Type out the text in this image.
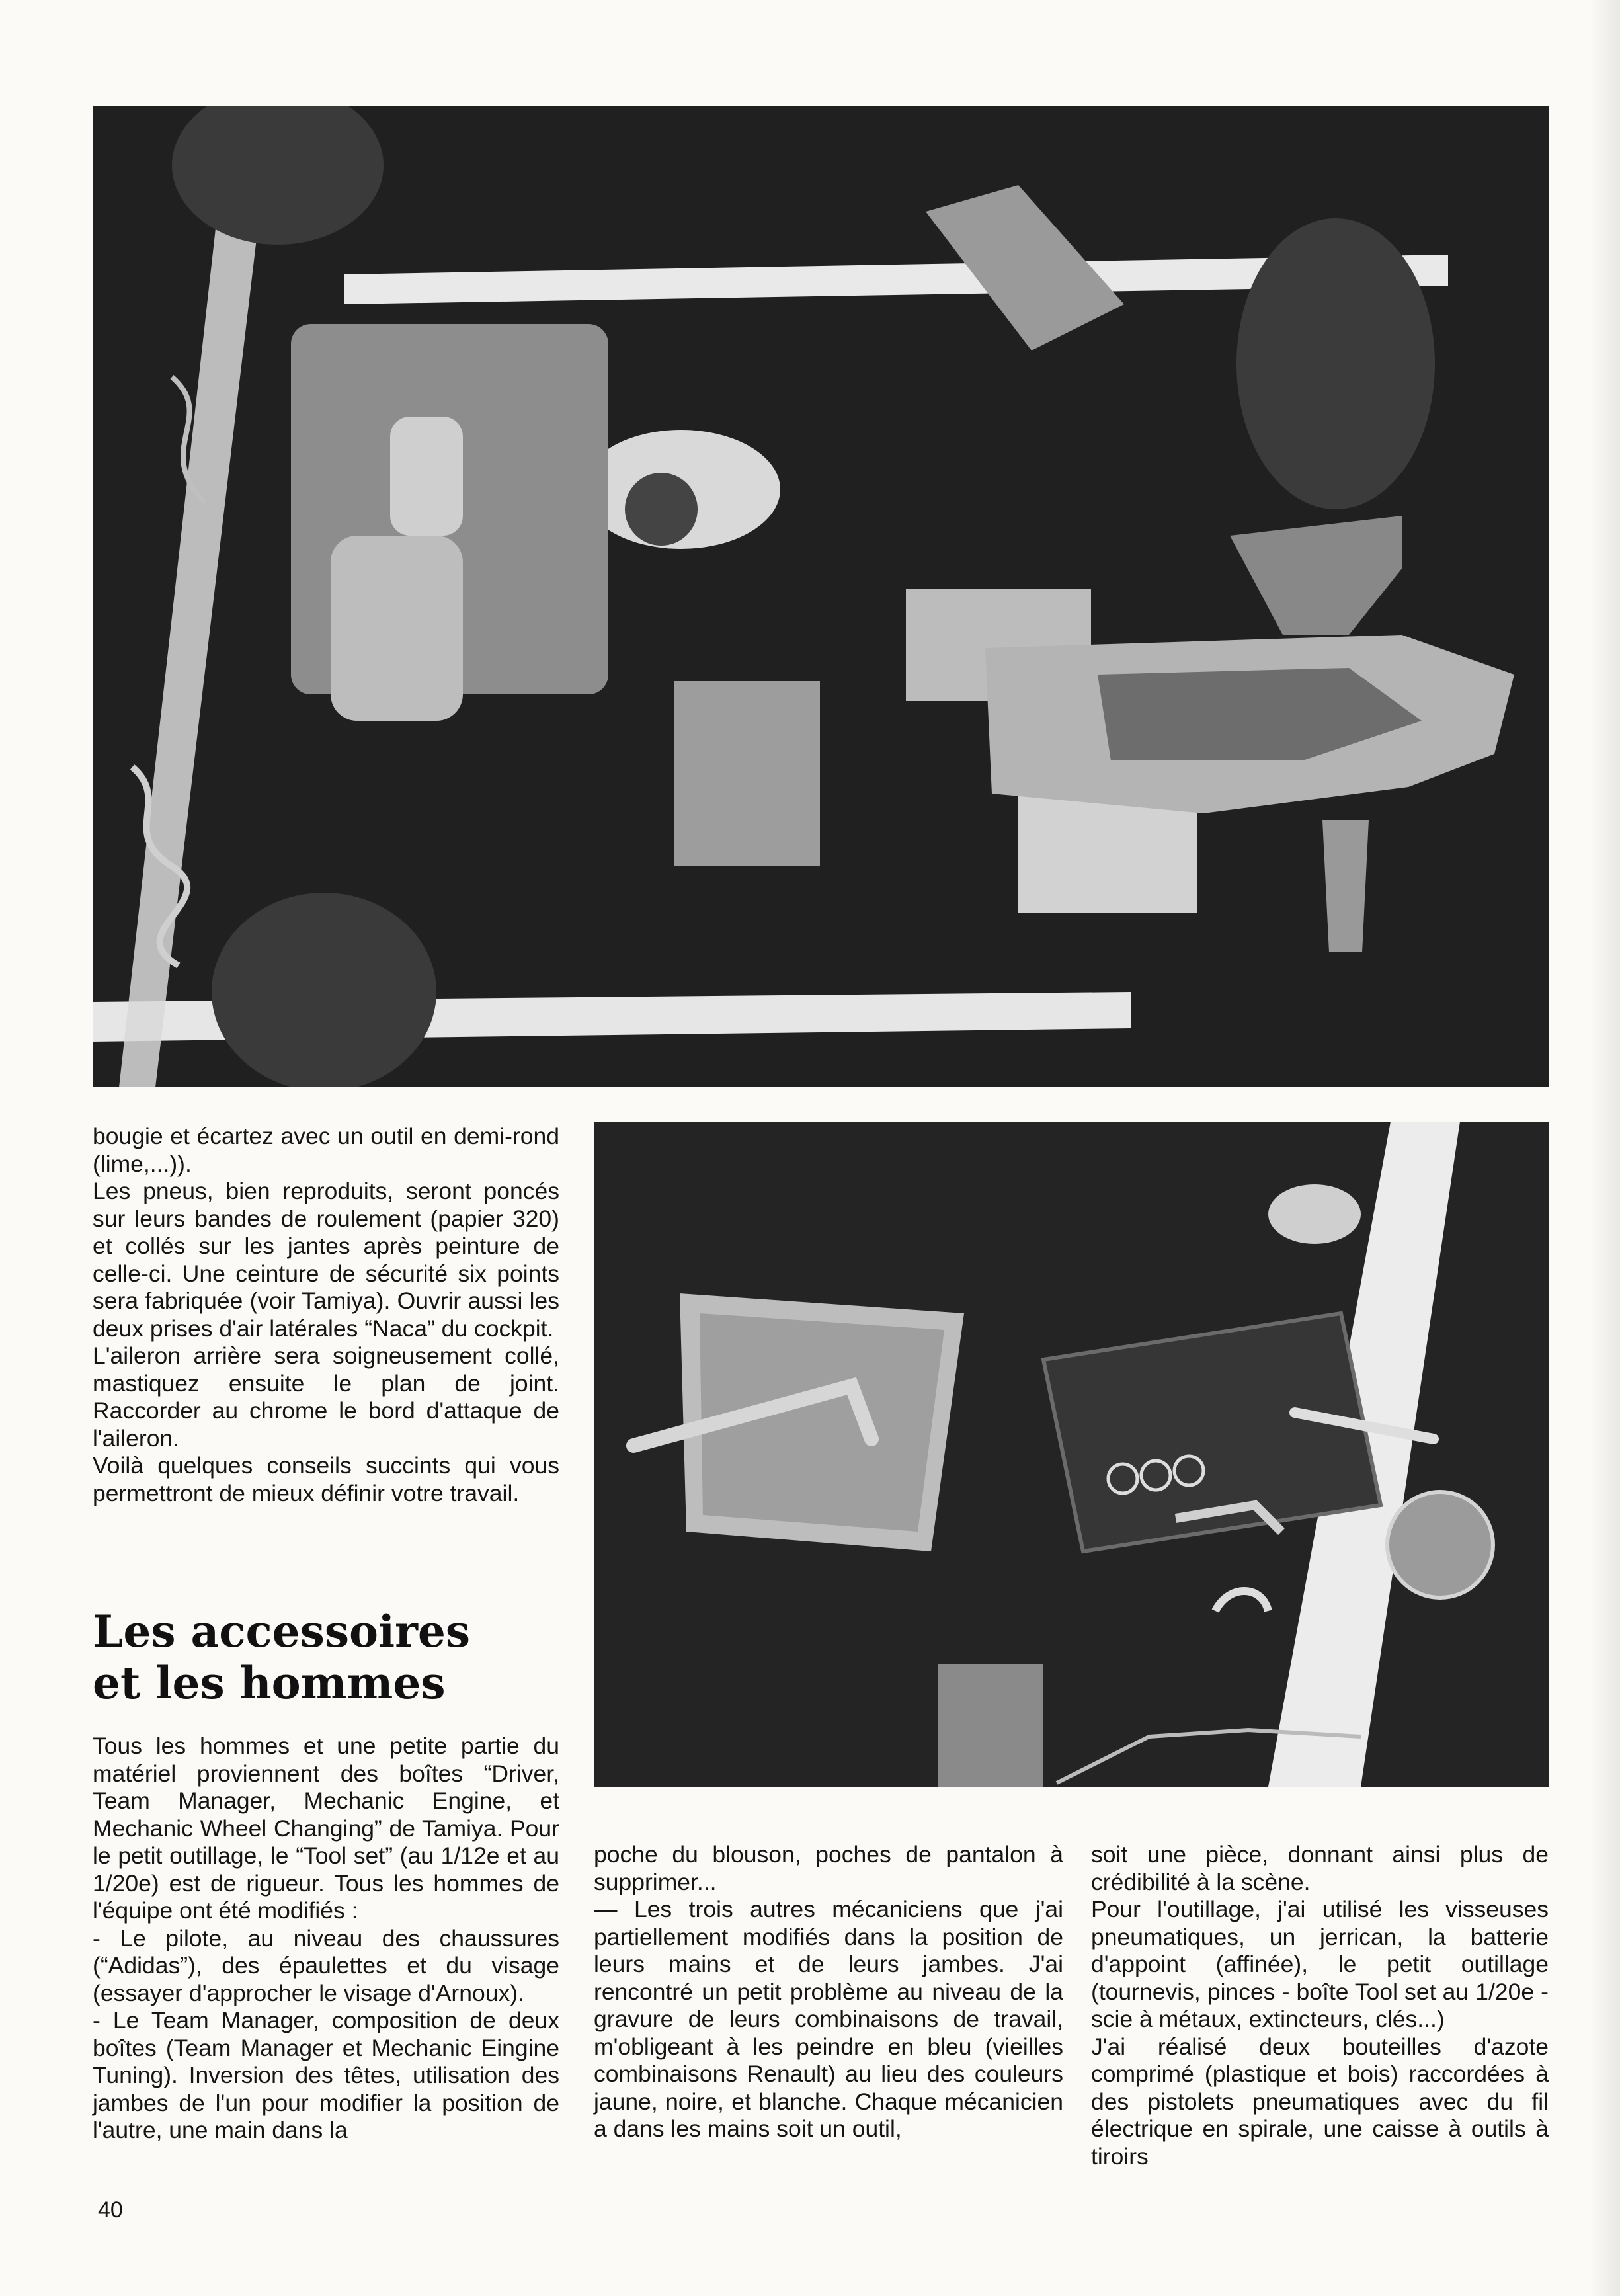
bougie et écartez avec un outil en demi-rond (lime,...)).

Les pneus, bien reproduits, seront poncés sur leurs bandes de roulement (papier 320) et collés sur les jantes après peinture de celle-ci. Une ceinture de sécurité six points sera fabriquée (voir Tamiya). Ouvrir aussi les deux prises d'air latérales “Naca” du cockpit.

L'aileron arrière sera soigneusement collé, mastiquez ensuite le plan de joint. Raccorder au chrome le bord d'attaque de l'aileron.

Voilà quelques conseils succints qui vous permettront de mieux définir votre travail.

Les accessoires
et les hommes

Tous les hommes et une petite partie du matériel proviennent des boîtes “Driver, Team Manager, Mechanic Engine, et Mechanic Wheel Changing” de Tamiya. Pour le petit outillage, le “Tool set” (au 1/12e et au 1/20e) est de rigueur. Tous les hommes de l'équipe ont été modifiés :

- Le pilote, au niveau des chaussures (“Adidas”), des épaulettes et du visage (essayer d'approcher le visage d'Arnoux).

- Le Team Manager, composition de deux boîtes (Team Manager et Mechanic Eingine Tuning). Inversion des têtes, utilisation des jambes de l'un pour modifier la position de l'autre, une main dans la

poche du blouson, poches de pantalon à supprimer...

— Les trois autres mécaniciens que j'ai partiellement modifiés dans la position de leurs mains et de leurs jambes. J'ai rencontré un petit problème au niveau de la gravure de leurs combinaisons de travail, m'obligeant à les peindre en bleu (vieilles combinaisons Renault) au lieu des couleurs jaune, noire, et blanche. Chaque mécanicien a dans les mains soit un outil,

soit une pièce, donnant ainsi plus de crédibilité à la scène.

Pour l'outillage, j'ai utilisé les visseuses pneumatiques, un jerrican, la batterie d'appoint (affinée), le petit outillage (tournevis, pinces - boîte Tool set au 1/20e - scie à métaux, extincteurs, clés...)

J'ai réalisé deux bouteilles d'azote comprimé (plastique et bois) raccordées à des pistolets pneumatiques avec du fil électrique en spirale, une caisse à outils à tiroirs

40
